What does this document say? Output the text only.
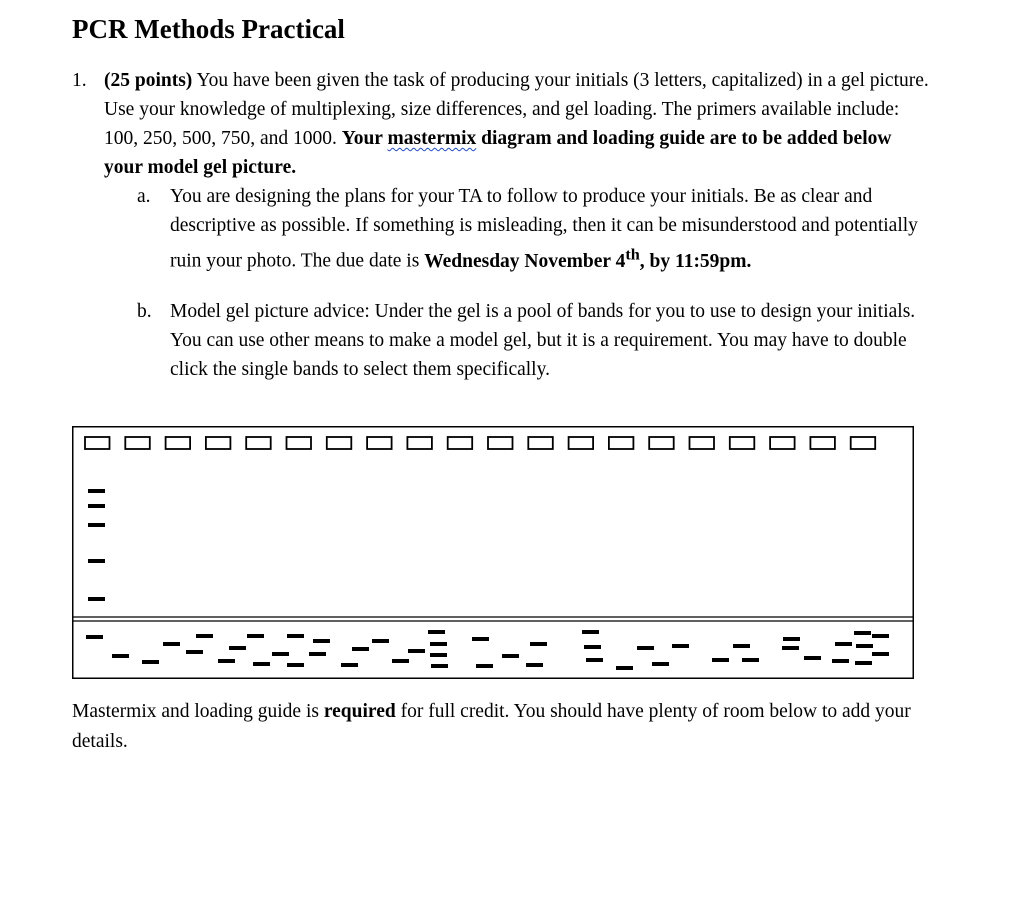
PCR Methods Practical
1. (25 points) You have been given the task of producing your initials (3 letters, capitalized) in a gel picture. Use your knowledge of multiplexing, size differences, and gel loading. The primers available include: 100, 250, 500, 750, and 1000. Your mastermix diagram and loading guide are to be added below your model gel picture.

a. You are designing the plans for your TA to follow to produce your initials. Be as clear and descriptive as possible. If something is misleading, then it can be misunderstood and potentially ruin your photo. The due date is Wednesday November 4th, by 11:59pm.

b. Model gel picture advice: Under the gel is a pool of bands for you to use to design your initials. You can use other means to make a model gel, but it is a requirement. You may have to double click the single bands to select them specifically.

Mastermix and loading guide is required for full credit. You should have plenty of room below to add your details.
